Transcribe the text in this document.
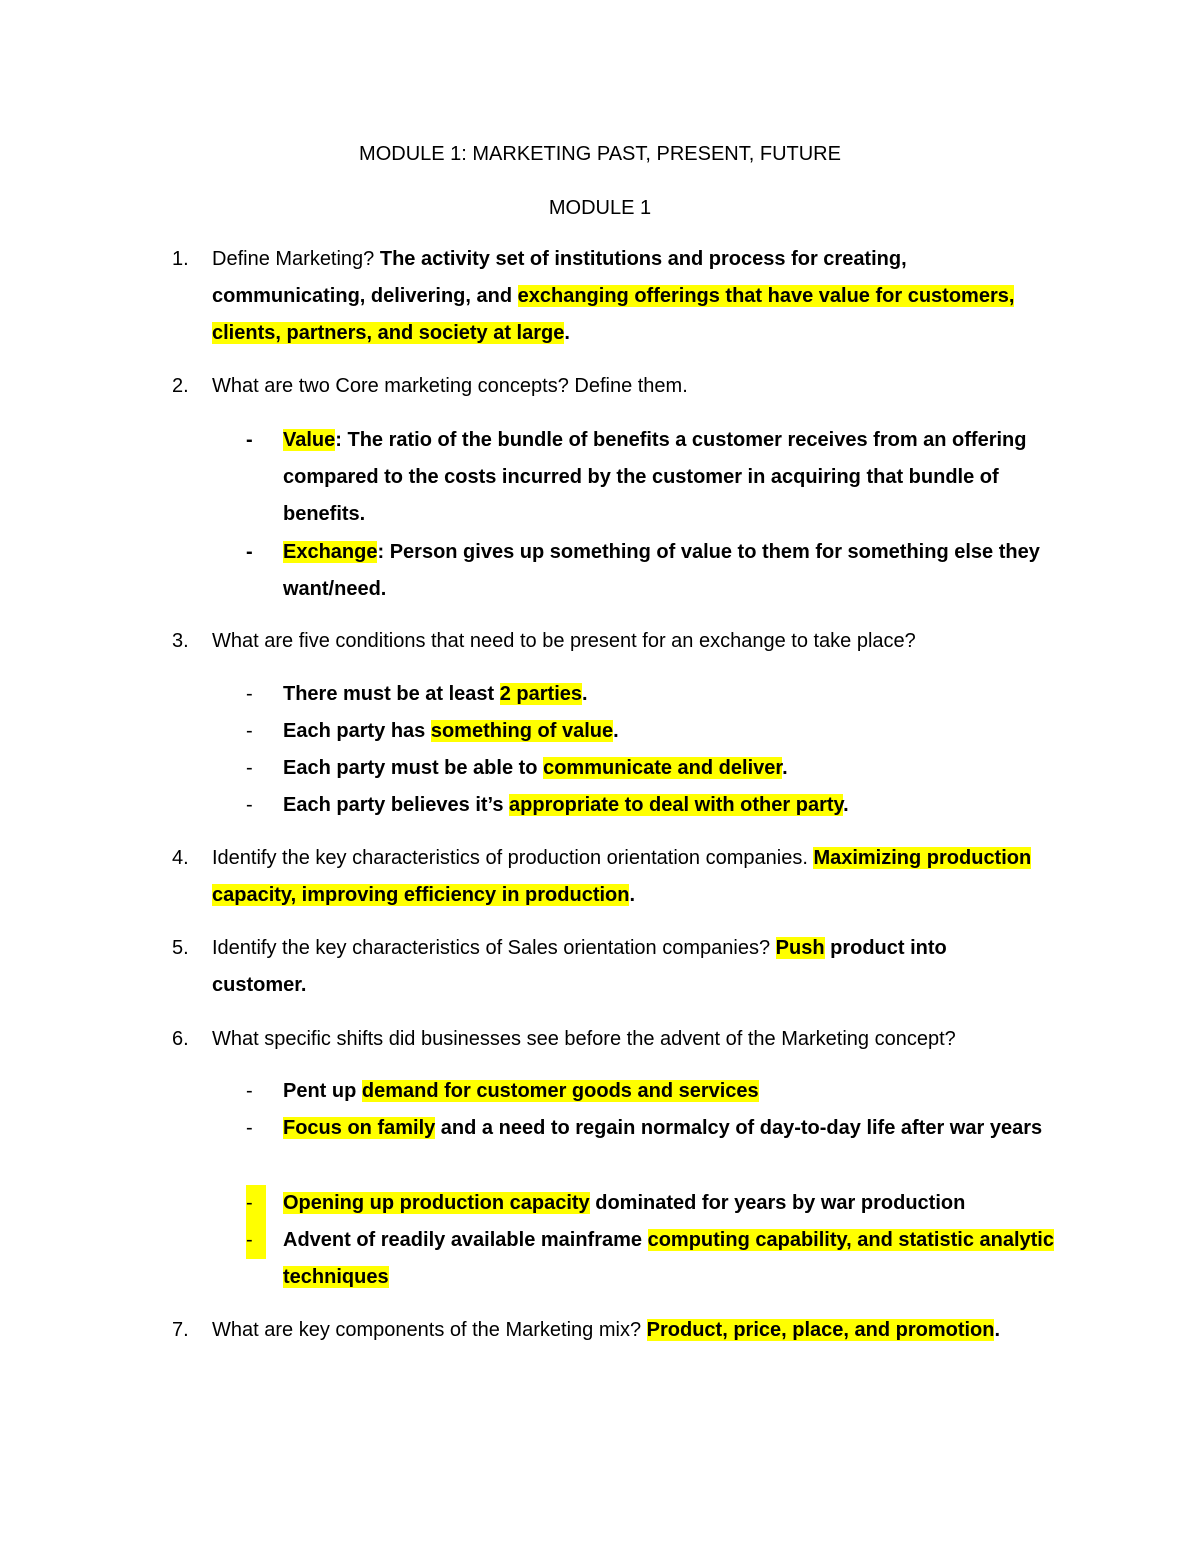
MODULE 1: MARKETING PAST, PRESENT, FUTURE
MODULE 1
1.	Define Marketing? The activity set of institutions and process for creating, communicating, delivering, and exchanging offerings that have value for customers, clients, partners, and society at large.
2.	What are two Core marketing concepts? Define them.
-	Value: The ratio of the bundle of benefits a customer receives from an offering compared to the costs incurred by the customer in acquiring that bundle of benefits.
-	Exchange: Person gives up something of value to them for something else they want/need.
3.	What are five conditions that need to be present for an exchange to take place?
-	There must be at least 2 parties.
-	Each party has something of value.
-	Each party must be able to communicate and deliver.
-	Each party believes it’s appropriate to deal with other party.
4.	Identify the key characteristics of production orientation companies. Maximizing production capacity, improving efficiency in production.
5.	Identify the key characteristics of Sales orientation companies? Push product into customer.
6.	What specific shifts did businesses see before the advent of the Marketing concept?
-	Pent up demand for customer goods and services
-	Focus on family and a need to regain normalcy of day-to-day life after war years
-	Opening up production capacity dominated for years by war production
-	Advent of readily available mainframe computing capability, and statistic analytic techniques
7.	What are key components of the Marketing mix? Product, price, place, and promotion.
